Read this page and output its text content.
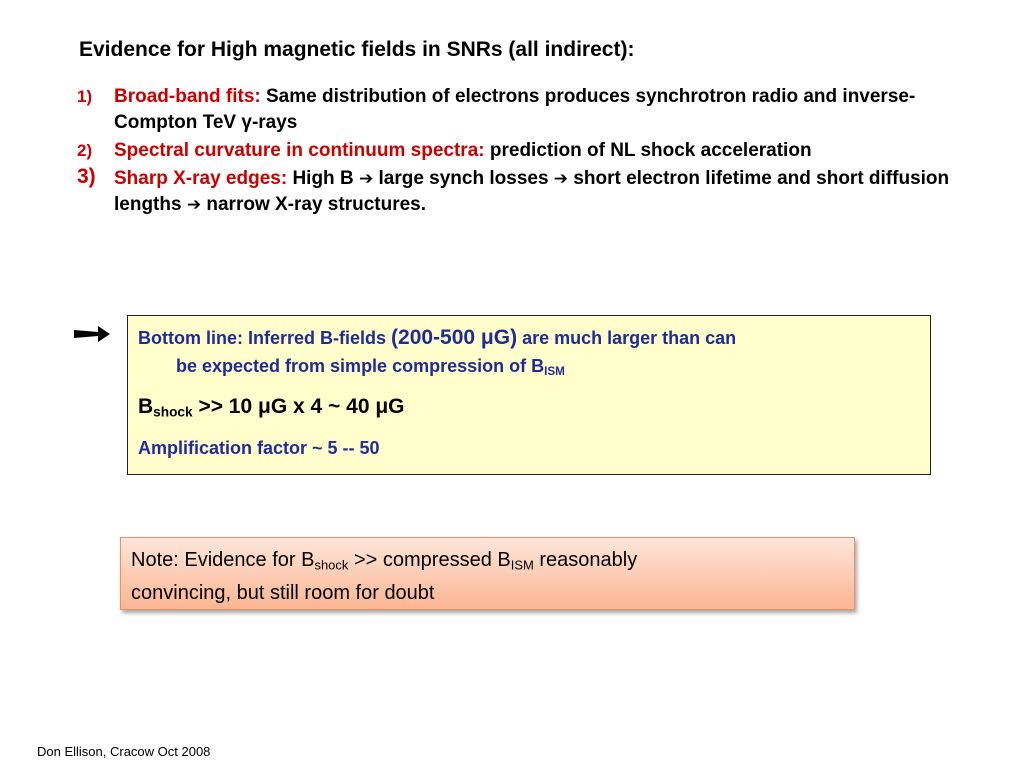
Evidence for High magnetic fields in SNRs (all indirect):
1) Broad-band fits: Same distribution of electrons produces synchrotron radio and inverse-Compton TeV γ-rays
2) Spectral curvature in continuum spectra: prediction of NL shock acceleration
3) Sharp X-ray edges: High B ➔ large synch losses ➔ short electron lifetime and short diffusion lengths ➔ narrow X-ray structures.
Bottom line: Inferred B-fields (200-500 μG) are much larger than can
be expected from simple compression of $B_{ISM}$
$B_{shock} >> 10$ μG x 4 ~ 40 μG
Amplification factor ~ 5 -- 50
Note: Evidence for $B_{shock}$ >> compressed $B_{ISM}$ reasonably
convincing, but still room for doubt
Don Ellison, Cracow Oct 2008
